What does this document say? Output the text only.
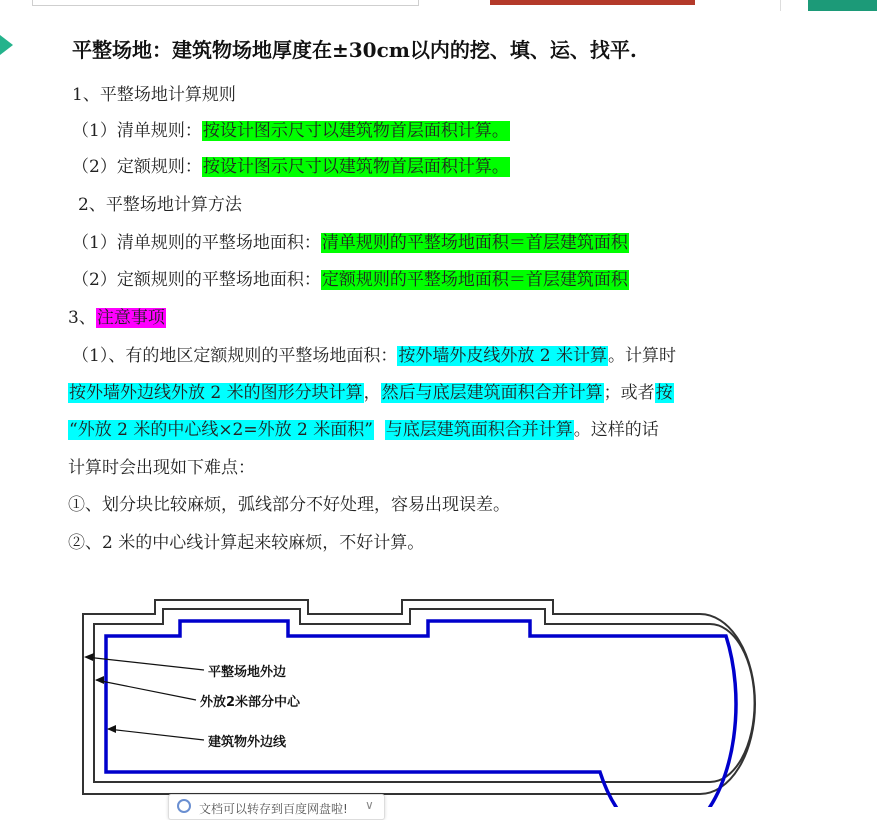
平整场地：建筑物场地厚度在±30cm以内的挖、填、运、找平.
1、平整场地计算规则
（1）清单规则：按设计图示尺寸以建筑物首层面积计算。
（2）定额规则：按设计图示尺寸以建筑物首层面积计算。
2、平整场地计算方法
（1）清单规则的平整场地面积：清单规则的平整场地面积＝首层建筑面积
（2）定额规则的平整场地面积：定额规则的平整场地面积＝首层建筑面积
3、注意事项
（1）、有的地区定额规则的平整场地面积：按外墙外皮线外放 2 米计算。计算时
按外墙外边线外放 2 米的图形分块计算，然后与底层建筑面积合并计算；或者按
“外放 2 米的中心线×2=外放 2 米面积” 与底层建筑面积合并计算。这样的话
计算时会出现如下难点：
①、划分块比较麻烦，弧线部分不好处理，容易出现误差。
②、2 米的中心线计算起来较麻烦，不好计算。
平整场地外边
外放2米部分中心
建筑物外边线
文档可以转存到百度网盘啦! ∨
